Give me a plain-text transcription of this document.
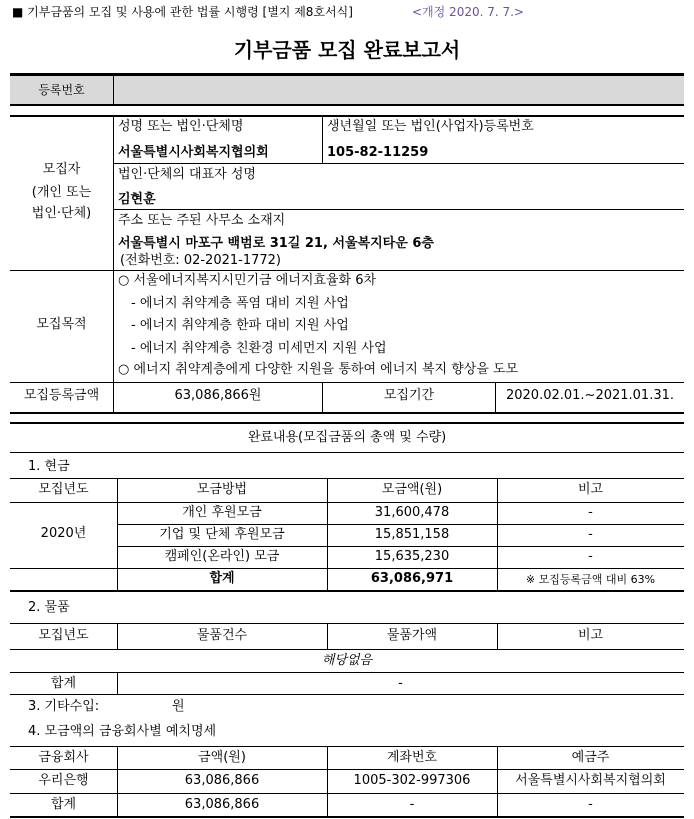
■ 기부금품의 모집 및 사용에 관한 법률 시행령 [별지 제8호서식]	<개정 2020. 7. 7.>
기부금품 모집 완료보고서
등록번호
모집자
(개인 또는
법인·단체)
성명 또는 법인·단체명
서울특별시사회복지협의회
생년월일 또는 법인(사업자)등록번호
105-82-11259
법인·단체의 대표자 성명
김현훈
주소 또는 주된 사무소 소재지
서울특별시 마포구 백범로 31길 21, 서울복지타운 6층
(전화번호: 02-2021-1772)
모집목적
○ 서울에너지복지시민기금 에너지효율화 6차
- 에너지 취약계층 폭염 대비 지원 사업
- 에너지 취약계층 한파 대비 지원 사업
- 에너지 취약계층 친환경 미세먼지 지원 사업
○ 에너지 취약계층에게 다양한 지원을 통하여 에너지 복지 향상을 도모
모집등록금액	63,086,866원	모집기간	2020.02.01.~2021.01.31.
완료내용(모집금품의 총액 및 수량)
1. 현금
모집년도	모금방법	모금액(원)	비고
2020년
개인 후원모금	31,600,478	-
기업 및 단체 후원모금	15,851,158	-
캠페인(온라인) 모금	15,635,230	-
합계	63,086,971	※ 모집등록금액 대비 63%
2. 물품
모집년도	물품건수	물품가액	비고
해당없음
합계	-
3. 기타수입:	원
4. 모금액의 금융회사별 예치명세
금융회사	금액(원)	계좌번호	예금주
우리은행	63,086,866	1005-302-997306	서울특별시사회복지협의회
합계	63,086,866	-	-
